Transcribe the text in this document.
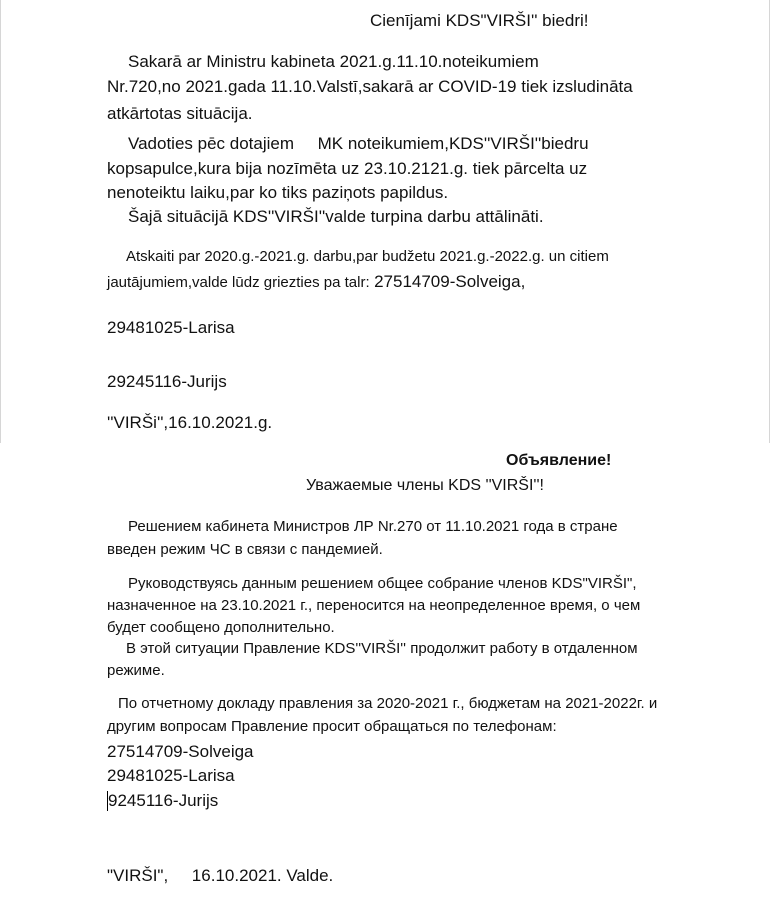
Cienījami KDS"VIRŠI'' biedri!
Sakarā ar Ministru kabineta 2021.g.11.10.noteikumiem
Nr.720,no 2021.gada 11.10.Valstī,sakarā ar COVID-19 tiek izsludināta
atkārtotas situācija.
Vadoties pēc dotajiem     MK noteikumiem,KDS''VIRŠI''biedru
kopsapulce,kura bija nozīmēta uz 23.10.2121.g. tiek pārcelta uz
nenoteiktu laiku,par ko tiks paziņots papildus.
Šajā situācijā KDS''VIRŠI''valde turpina darbu attālināti.
Atskaiti par 2020.g.-2021.g. darbu,par budžetu 2021.g.-2022.g. un citiem
jautājumiem,valde lūdz griezties pa talr: 27514709-Solveiga,
29481025-Larisa
29245116-Jurijs
''VIRŠi'',16.10.2021.g.
Объявление!
Уважаемые члены KDS ''VIRŠI''!
Решением кабинета Министров ЛР Nr.270 от 11.10.2021 года в стране
введен режим ЧС в связи с пандемией.
Руководствуясь данным решением общее собрание членов KDS"VIRŠI",
назначенное на 23.10.2021 г., переносится на неопределенное время, о чем
будет сообщено дополнительно.
В этой ситуации Правление KDS''VIRŠI'' продолжит работу в отдаленном
режиме.
По отчетному докладу правления за 2020-2021 г., бюджетам на 2021-2022г. и
другим вопросам Правление просит обращаться по телефонам:
27514709-Solveiga
29481025-Larisa
9245116-Jurijs
"VIRŠI",     16.10.2021. Valde.
